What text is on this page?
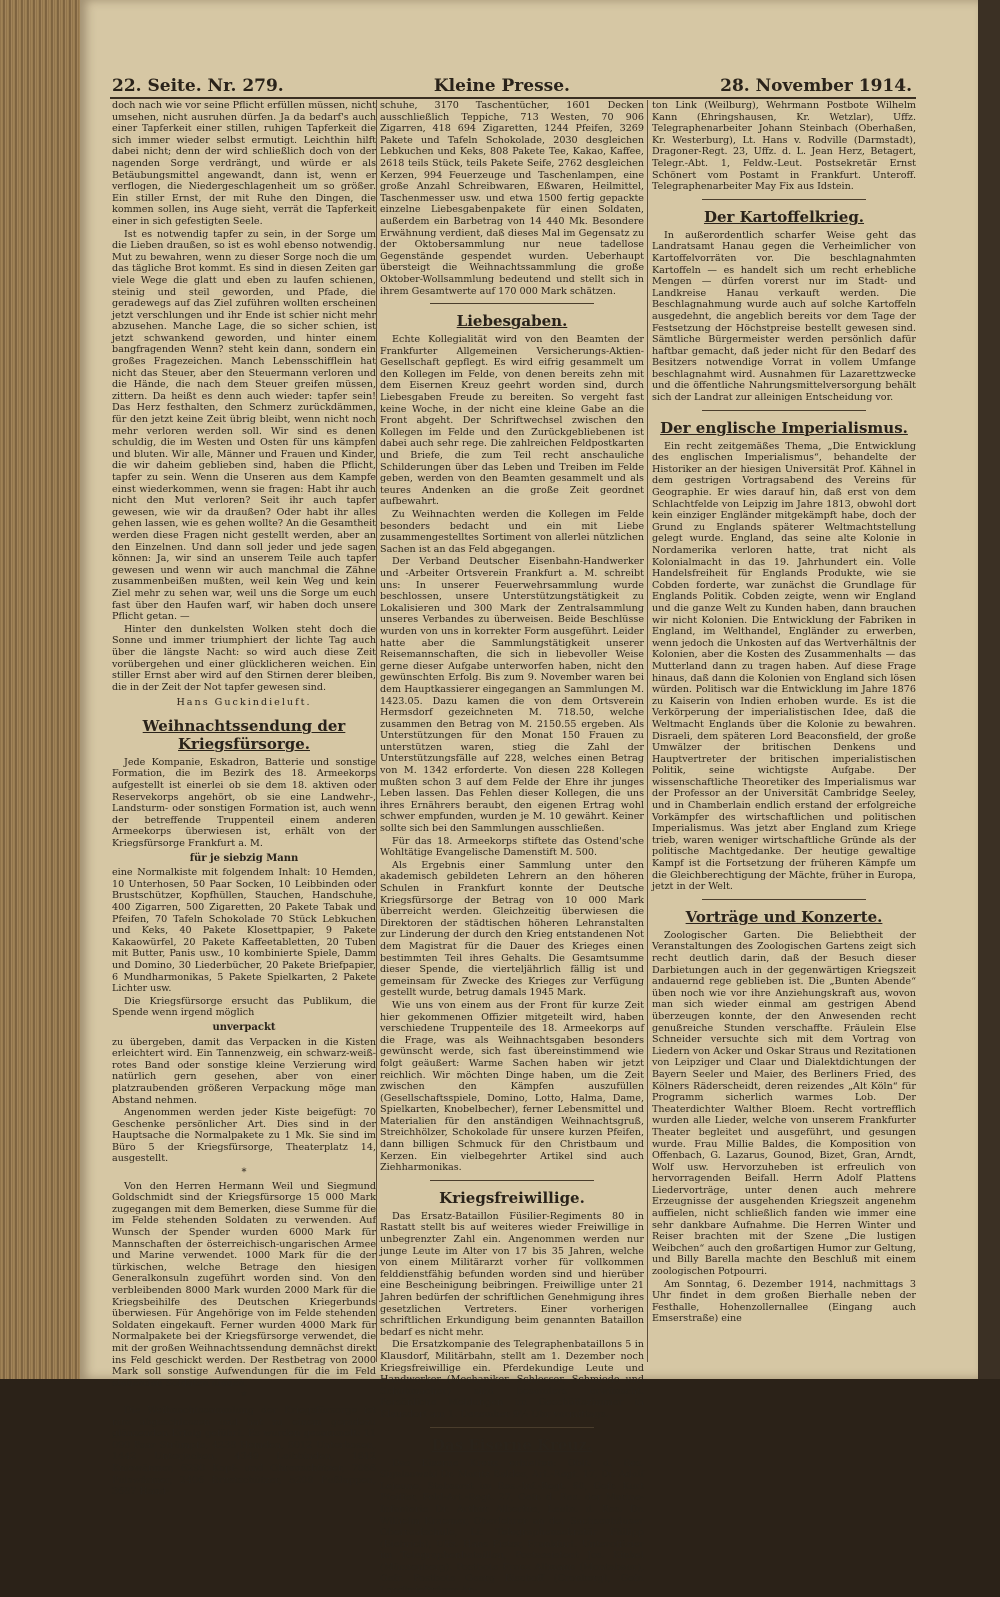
22. Seite. Nr. 279.	Kleine Presse.	28. November 1914.

doch nach wie vor seine Pflicht erfüllen müssen, nicht umsehen, nicht ausruhen dürfen. Ja da bedarf's auch einer Tapferkeit einer stillen, ruhigen Tapferkeit die sich immer wieder selbst ermutigt. Leichthin hilft dabei nicht; denn der wird schließlich doch von der nagenden Sorge verdrängt, und würde er als Betäubungsmittel angewandt, dann ist, wenn er verflogen, die Niedergeschlagenheit um so größer. Ein stiller Ernst, der mit Ruhe den Dingen, die kommen sollen, ins Auge sieht, verrät die Tapferkeit einer in sich gefestigten Seele.

Ist es notwendig tapfer zu sein, in der Sorge um die Lieben draußen, so ist es wohl ebenso notwendig. Mut zu bewahren, wenn zu dieser Sorge noch die um das tägliche Brot kommt. Es sind in diesen Zeiten gar viele Wege die glatt und eben zu laufen schienen, steinig und steil geworden, und Pfade, die geradewegs auf das Ziel zuführen wollten erscheinen jetzt verschlungen und ihr Ende ist schier nicht mehr abzusehen. Manche Lage, die so sicher schien, ist jetzt schwankend geworden, und hinter einem bangfragenden Wenn? steht kein dann, sondern ein großes Fragezeichen. Manch Lebensschifflein hat nicht das Steuer, aber den Steuermann verloren und die Hände, die nach dem Steuer greifen müssen, zittern. Da heißt es denn auch wieder: tapfer sein! Das Herz festhalten, den Schmerz zurückdämmen, für den jetzt keine Zeit übrig bleibt, wenn nicht noch mehr verloren werden soll. Wir sind es denen schuldig, die im Westen und Osten für uns kämpfen und bluten. Wir alle, Männer und Frauen und Kinder, die wir daheim geblieben sind, haben die Pflicht, tapfer zu sein. Wenn die Unseren aus dem Kampfe einst wiederkommen, wenn sie fragen: Habt ihr auch nicht den Mut verloren? Seit ihr auch tapfer gewesen, wie wir da draußen? Oder habt ihr alles gehen lassen, wie es gehen wollte? An die Gesamtheit werden diese Fragen nicht gestellt werden, aber an den Einzelnen. Und dann soll jeder und jede sagen können: Ja, wir sind an unserem Teile auch tapfer gewesen und wenn wir auch manchmal die Zähne zusammenbeißen mußten, weil kein Weg und kein Ziel mehr zu sehen war, weil uns die Sorge um euch fast über den Haufen warf, wir haben doch unsere Pflicht getan. —

Hinter den dunkelsten Wolken steht doch die Sonne und immer triumphiert der lichte Tag auch über die längste Nacht: so wird auch diese Zeit vorübergehen und einer glücklicheren weichen. Ein stiller Ernst aber wird auf den Stirnen derer bleiben, die in der Zeit der Not tapfer gewesen sind.

Hans Guckindieluft.
Weihnachtssendung der Kriegsfürsorge.

Jede Kompanie, Eskadron, Batterie und sonstige Formation, die im Bezirk des 18. Armeekorps aufgestellt ist einerlei ob sie dem 18. aktiven oder Reservekorps angehört, ob sie eine Landwehr-, Landsturm- oder sonstigen Formation ist, auch wenn der betreffende Truppenteil einem anderen Armeekorps überwiesen ist, erhält von der Kriegsfürsorge Frankfurt a. M.

für je siebzig Mann

eine Normalkiste mit folgendem Inhalt: 10 Hemden, 10 Unterhosen, 50 Paar Socken, 10 Leibbinden oder Brustschützer, Kopfhüllen, Stauchen, Handschuhe, 400 Zigarren, 500 Zigaretten, 20 Pakete Tabak und Pfeifen, 70 Tafeln Schokolade 70 Stück Lebkuchen und Keks, 40 Pakete Klosettpapier, 9 Pakete Kakaowürfel, 20 Pakete Kaffeetabletten, 20 Tuben mit Butter, Panis usw., 10 kombinierte Spiele, Damm und Domino, 30 Liederbücher, 20 Pakete Briefpapier, 6 Mundharmonikas, 5 Pakete Spielkarten, 2 Pakete Lichter usw.

Die Kriegsfürsorge ersucht das Publikum, die Spende wenn irgend möglich

unverpackt

zu übergeben, damit das Verpacken in die Kisten erleichtert wird. Ein Tannenzweig, ein schwarz-weiß-rotes Band oder sonstige kleine Verzierung wird natürlich gern gesehen, aber von einer platzraubenden größeren Verpackung möge man Abstand nehmen.

Angenommen werden jeder Kiste beigefügt: 70 Geschenke persönlicher Art. Dies sind in der Hauptsache die Normalpakete zu 1 Mk. Sie sind im Büro 5 der Kriegsfürsorge, Theaterplatz 14, ausgestellt.

*

Von den Herren Hermann Weil und Siegmund Goldschmidt sind der Kriegsfürsorge 15 000 Mark zugegangen mit dem Bemerken, diese Summe für die im Felde stehenden Soldaten zu verwenden. Auf Wunsch der Spender wurden 6000 Mark für Mannschaften der österreichisch-ungarischen Armee und Marine verwendet. 1000 Mark für die der türkischen, welche Betrage den hiesigen Generalkonsuln zugeführt worden sind. Von den verbleibenden 8000 Mark wurden 2000 Mark für die Kriegsbeihilfe des Deutschen Kriegerbunds überwiesen. Für Angehörige von im Felde stehenden Soldaten eingekauft. Ferner wurden 4000 Mark für Normalpakete bei der Kriegsfürsorge verwendet, die mit der großen Weihnachtssendung demnächst direkt ins Feld geschickt werden. Der Restbetrag von 2000 Mark soll sonstige Aufwendungen für die im Feld stehenden Soldaten dienen.

*

Die Weihnachtssammlung der Kriegsfürsorge ist nun abgeschlossen und hat zu einem geradezu glänzenden Erfolg geführt. Es wurden gesammelt: 11 090 Paar Strümpfe, 4238 Hemden, 8012 Unterhosen, 1442 Unterjacken, 4349 Leibbinden, 1612 Kniewärmer, 6290 Kopf- und Ohrenschützer, 7066 Pulswärmer, 2406 Brustschützer, 5208 Fußlappen, 3687 Hand-

schuhe, 3170 Taschentücher, 1601 Decken ausschließlich Teppiche, 713 Westen, 70 906 Zigarren, 418 694 Zigaretten, 1244 Pfeifen, 3269 Pakete und Tafeln Schokolade, 2030 desgleichen Lebkuchen und Keks, 808 Pakete Tee, Kakao, Kaffee, 2618 teils Stück, teils Pakete Seife, 2762 desgleichen Kerzen, 994 Feuerzeuge und Taschenlampen, eine große Anzahl Schreibwaren, Eßwaren, Heilmittel, Taschenmesser usw. und etwa 1500 fertig gepackte einzelne Liebesgabenpakete für einen Soldaten, außerdem ein Barbetrag von 14 440 Mk. Besondere Erwähnung verdient, daß dieses Mal im Gegensatz zu der Oktobersammlung nur neue tadellose Gegenstände gespendet wurden. Ueberhaupt übersteigt die Weihnachtssammlung die große Oktober-Wollsammlung bedeutend und stellt sich in ihrem Gesamtwerte auf 170 000 Mark schätzen.

Liebesgaben.

Echte Kollegialität wird von den Beamten der Frankfurter Allgemeinen Versicherungs-Aktien-Gesellschaft gepflegt. Es wird eifrig gesammelt um den Kollegen im Felde, von denen bereits zehn mit dem Eisernen Kreuz geehrt worden sind, durch Liebesgaben Freude zu bereiten. So vergeht fast keine Woche, in der nicht eine kleine Gabe an die Front abgeht. Der Schriftwechsel zwischen den Kollegen im Felde und den Zurückgebliebenen ist dabei auch sehr rege. Die zahlreichen Feldpostkarten und Briefe, die zum Teil recht anschauliche Schilderungen über das Leben und Treiben im Felde geben, werden von den Beamten gesammelt und als teures Andenken an die große Zeit geordnet aufbewahrt.

Zu Weihnachten werden die Kollegen im Felde besonders bedacht und ein mit Liebe zusammengestelltes Sortiment von allerlei nützlichen Sachen ist an das Feld abgegangen.

Der Verband Deutscher Eisenbahn-Handwerker und -Arbeiter Ortsverein Frankfurt a. M. schreibt uns: In unserer Feuerwehrsammlung wurde beschlossen, unsere Unterstützungstätigkeit zu Lokalisieren und 300 Mark der Zentralsammlung unseres Verbandes zu überweisen. Beide Beschlüsse wurden von uns in korrekter Form ausgeführt. Leider hatte aber die Sammlungstätigkeit unserer Reisemannschaften, die sich in liebevoller Weise gerne dieser Aufgabe unterworfen haben, nicht den gewünschten Erfolg. Bis zum 9. November waren bei dem Hauptkassierer eingegangen an Sammlungen M. 1423.05. Dazu kamen die von dem Ortsverein Hermsdorf gezeichneten M. 718.50, welche zusammen den Betrag von M. 2150.55 ergeben. Als Unterstützungen für den Monat 150 Frauen zu unterstützen waren, stieg die Zahl der Unterstützungsfälle auf 228, welches einen Betrag von M. 1342 erforderte. Von diesen 228 Kollegen mußten schon 3 auf dem Felde der Ehre ihr junges Leben lassen. Das Fehlen dieser Kollegen, die uns ihres Ernährers beraubt, den eigenen Ertrag wohl schwer empfunden, wurden je M. 10 gewährt. Keiner sollte sich bei den Sammlungen ausschließen.

Für das 18. Armeekorps stiftete das Ostend'sche Wohltätige Evangelische Damenstift M. 500.

Als Ergebnis einer Sammlung unter den akademisch gebildeten Lehrern an den höheren Schulen in Frankfurt konnte der Deutsche Kriegsfürsorge der Betrag von 10 000 Mark überreicht werden. Gleichzeitig überwiesen die Direktoren der städtischen höheren Lehranstalten zur Linderung der durch den Krieg entstandenen Not dem Magistrat für die Dauer des Krieges einen bestimmten Teil ihres Gehalts. Die Gesamtsumme dieser Spende, die vierteljährlich fällig ist und gemeinsam für Zwecke des Krieges zur Verfügung gestellt wurde, betrug damals 1945 Mark.

Wie uns von einem aus der Front für kurze Zeit hier gekommenen Offizier mitgeteilt wird, haben verschiedene Truppenteile des 18. Armeekorps auf die Frage, was als Weihnachtsgaben besonders gewünscht werde, sich fast übereinstimmend wie folgt geäußert: Warme Sachen haben wir jetzt reichlich. Wir möchten Dinge haben, um die Zeit zwischen den Kämpfen auszufüllen (Gesellschaftsspiele, Domino, Lotto, Halma, Dame, Spielkarten, Knobelbecher), ferner Lebensmittel und Materialien für den anständigen Weihnachtsgruß, Streichhölzer, Schokolade für unsere kurzen Pfeifen, dann billigen Schmuck für den Christbaum und Kerzen. Ein vielbegehrter Artikel sind auch Ziehharmonikas.

Kriegsfreiwillige.

Das Ersatz-Bataillon Füsilier-Regiments 80 in Rastatt stellt bis auf weiteres wieder Freiwillige in unbegrenzter Zahl ein. Angenommen werden nur junge Leute im Alter von 17 bis 35 Jahren, welche von einem Militärarzt vorher für vollkommen felddienstfähig befunden worden sind und hierüber eine Bescheinigung beibringen. Freiwillige unter 21 Jahren bedürfen der schriftlichen Genehmigung ihres gesetzlichen Vertreters. Einer vorherigen schriftlichen Erkundigung beim genannten Bataillon bedarf es nicht mehr.

Die Ersatzkompanie des Telegraphenbataillons 5 in Klausdorf, Militärbahn, stellt am 1. Dezember noch Kriegsfreiwillige ein. Pferdekundige Leute und Handwerker (Mechaniker, Schlosser, Schmiede und Schuhmacher) sind besonders erwünscht. Persönliche Meldungen im Geschäftszimmer in Klausdorf am 1. Dezember 9½ Uhr vormittags.

Das Eiserne Kreuz.

Das Eiserne Kreuz erhielten: Oblt. d. Res. Sigalsowski Dr. Moritz Baldes, Art.-Regt. 17, Dr. Adolf Lejeune, Stabsarzt im Res.-Inf.-Regt. 60, Gefr. Kurt Pfeiffer, Feld-Art.-Regt. 27, Gefr. d. Res. der Marine-Infanterie Dr. Arthur Albertus, Leutn. d. Res. Dr. Wilhelm Kraemer, Oberlehrer an der Sachsenhäuser Oberrealschule, Lt. Telegraphensekretär Philipp (Biebrich), Uffz. Hans Pistor, Frankfurt, Unteroffizier im Telegraphenbataillon, Postassistent Jos. Kinkel (Münzenberg). Postbote Franz Altmann (Montabaur), Gefr. Postbote Georg Bischoff (Cronberg), Gefr. Landbriefträger An-

ton Link (Weilburg), Wehrmann Postbote Wilhelm Kann (Ehringshausen, Kr. Wetzlar), Uffz. Telegraphenarbeiter Johann Steinbach (Oberhaßen, Kr. Westerburg), Lt. Hans v. Rodville (Darmstadt), Dragoner-Regt. 23, Uffz. d. L. Jean Herz, Betagert, Telegr.-Abt. 1, Feldw.-Leut. Postsekretär Ernst Schönert vom Postamt in Frankfurt. Unteroff. Telegraphenarbeiter May Fix aus Idstein.

Der Kartoffelkrieg.

In außerordentlich scharfer Weise geht das Landratsamt Hanau gegen die Verheimlicher von Kartoffelvorräten vor. Die beschlagnahmten Kartoffeln — es handelt sich um recht erhebliche Mengen — dürfen vorerst nur im Stadt- und Landkreise Hanau verkauft werden. Die Beschlagnahmung wurde auch auf solche Kartoffeln ausgedehnt, die angeblich bereits vor dem Tage der Festsetzung der Höchstpreise bestellt gewesen sind. Sämtliche Bürgermeister werden persönlich dafür haftbar gemacht, daß jeder nicht für den Bedarf des Besitzers notwendige Vorrat in vollem Umfange beschlagnahmt wird. Ausnahmen für Lazarettzwecke und die öffentliche Nahrungsmittelversorgung behält sich der Landrat zur alleinigen Entscheidung vor.

Der englische Imperialismus.

Ein recht zeitgemäßes Thema, „Die Entwicklung des englischen Imperialismus“, behandelte der Historiker an der hiesigen Universität Prof. Kähnel in dem gestrigen Vortragsabend des Vereins für Geographie. Er wies darauf hin, daß erst von dem Schlachtfelde von Leipzig im Jahre 1813, obwohl dort kein einziger Engländer mitgekämpft habe, doch der Grund zu Englands späterer Weltmachtstellung gelegt wurde. England, das seine alte Kolonie in Nordamerika verloren hatte, trat nicht als Kolonialmacht in das 19. Jahrhundert ein. Volle Handelsfreiheit für Englands Produkte, wie sie Cobden forderte, war zunächst die Grundlage für Englands Politik. Cobden zeigte, wenn wir England und die ganze Welt zu Kunden haben, dann brauchen wir nicht Kolonien. Die Entwicklung der Fabriken in England, im Welthandel, Engländer zu erwerben, wenn jedoch die Unkosten auf das Wertverhältnis der Kolonien, aber die Kosten des Zusammenhalts — das Mutterland dann zu tragen haben. Auf diese Frage hinaus, daß dann die Kolonien von England sich lösen würden. Politisch war die Entwicklung im Jahre 1876 zu Kaiserin von Indien erhoben wurde. Es ist die Verkörperung der imperialistischen Idee, daß die Weltmacht Englands über die Kolonie zu bewahren. Disraeli, dem späteren Lord Beaconsfield, der große Umwälzer der britischen Denkens und Hauptvertreter der britischen imperialistischen Politik, seine wichtigste Aufgabe. Der wissenschaftliche Theoretiker des Imperialismus war der Professor an der Universität Cambridge Seeley, und in Chamberlain endlich erstand der erfolgreiche Vorkämpfer des wirtschaftlichen und politischen Imperialismus. Was jetzt aber England zum Kriege trieb, waren weniger wirtschaftliche Gründe als der politische Machtgedanke. Der heutige gewaltige Kampf ist die Fortsetzung der früheren Kämpfe um die Gleichberechtigung der Mächte, früher in Europa, jetzt in der Welt.

Vorträge und Konzerte.

Zoologischer Garten. Die Beliebtheit der Veranstaltungen des Zoologischen Gartens zeigt sich recht deutlich darin, daß der Besuch dieser Darbietungen auch in der gegenwärtigen Kriegszeit andauernd rege geblieben ist. Die „Bunten Abende“ üben noch wie vor ihre Anziehungskraft aus, wovon man sich wieder einmal am gestrigen Abend überzeugen konnte, der den Anwesenden recht genußreiche Stunden verschaffte. Fräulein Else Schneider versuchte sich mit dem Vortrag von Liedern von Acker und Oskar Straus und Rezitationen von Leipziger und Claar und Dialektdichtungen der Bayern Seeler und Maier, des Berliners Fried, des Kölners Räderscheidt, deren reizendes „Alt Köln“ für Programm sicherlich warmes Lob. Der Theaterdichter Walther Bloem. Recht vortrefflich wurden alle Lieder, welche von unserem Frankfurter Theater begleitet und ausgeführt, und gesungen wurde. Frau Millie Baldes, die Komposition von Offenbach, G. Lazarus, Gounod, Bizet, Gran, Arndt, Wolf usw. Hervorzuheben ist erfreulich von hervorragenden Beifall. Herrn Adolf Plattens Liedervorträge, unter denen auch mehrere Erzeugnisse der ausgehenden Kriegszeit angenehm auffielen, nicht schließlich fanden wie immer eine sehr dankbare Aufnahme. Die Herren Winter und Reiser brachten mit der Szene „Die lustigen Weibchen“ auch den großartigen Humor zur Geltung, und Billy Barella machte den Beschluß mit einem zoologischen Potpourri.

Am Sonntag, 6. Dezember 1914, nachmittags 3 Uhr findet in dem großen Bierhalle neben der Festhalle, Hohenzollernallee (Eingang auch Emserstraße) eine
